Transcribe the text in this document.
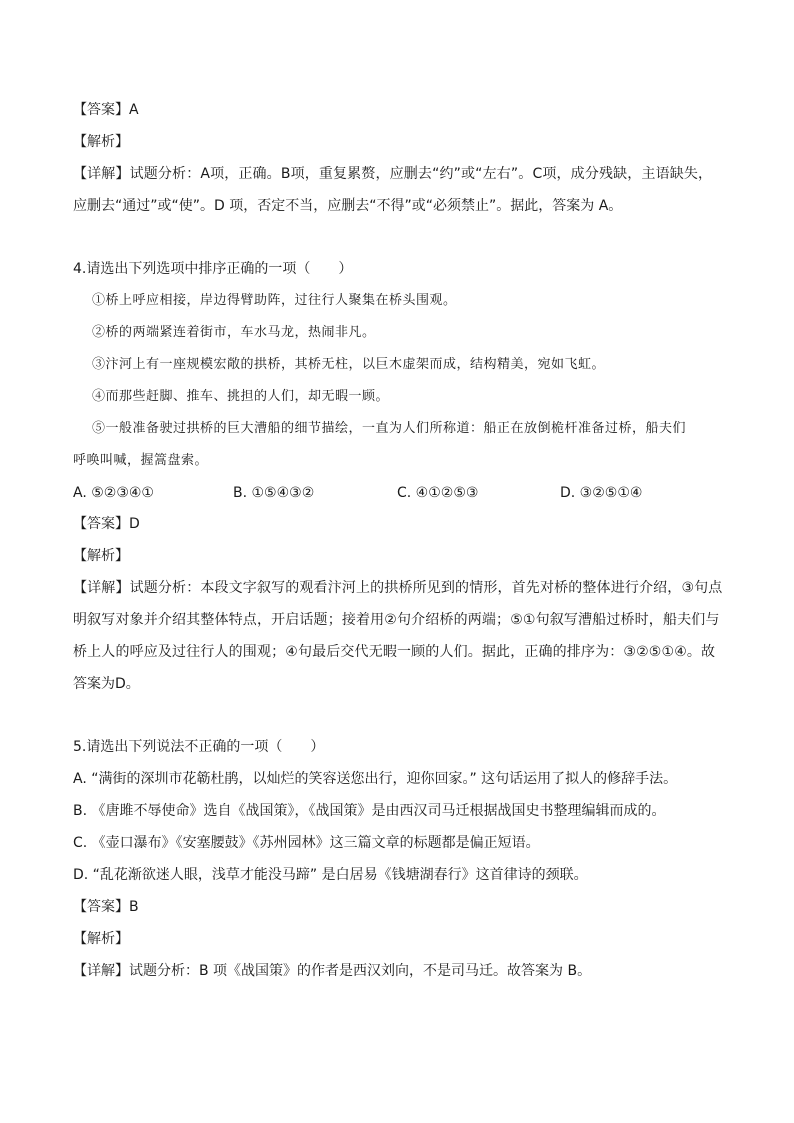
【答案】A
【解析】
【详解】试题分析：A项，正确。B项，重复累赘，应删去“约”或“左右”。C项，成分残缺，主语缺失，
应删去“通过”或“使”。D 项，否定不当，应删去“不得”或“必须禁止”。据此，答案为 A。
4.请选出下列选项中排序正确的一项（　　）
①桥上呼应相接，岸边得臂助阵，过往行人聚集在桥头围观。
②桥的两端紧连着街市，车水马龙，热闹非凡。
③汴河上有一座规模宏敞的拱桥，其桥无柱，以巨木虚架而成，结构精美，宛如飞虹。
④而那些赶脚、推车、挑担的人们，却无暇一顾。
⑤一般准备驶过拱桥的巨大漕船的细节描绘，一直为人们所称道：船正在放倒桅杆准备过桥，船夫们
呼唤叫喊，握篙盘索。
A. ⑤②③④①	B. ①⑤④③②	C. ④①②⑤③	D. ③②⑤①④
【答案】D
【解析】
【详解】试题分析：本段文字叙写的观看汴河上的拱桥所见到的情形，首先对桥的整体进行介绍，③句点
明叙写对象并介绍其整体特点，开启话题；接着用②句介绍桥的两端；⑤①句叙写漕船过桥时，船夫们与
桥上人的呼应及过往行人的围观；④句最后交代无暇一顾的人们。据此，正确的排序为：③②⑤①④。故
答案为D。
5.请选出下列说法不正确的一项（　　）
A. “满街的深圳市花簕杜鹃，以灿烂的笑容送您出行，迎你回家。” 这句话运用了拟人的修辞手法。
B. 《唐雎不辱使命》选自《战国策》，《战国策》是由西汉司马迁根据战国史书整理编辑而成的。
C. 《壶口瀑布》《安塞腰鼓》《苏州园林》这三篇文章的标题都是偏正短语。
D. “乱花渐欲迷人眼，浅草才能没马蹄” 是白居易《钱塘湖春行》这首律诗的颈联。
【答案】B
【解析】
【详解】试题分析：B 项《战国策》的作者是西汉刘向，不是司马迁。故答案为 B。
